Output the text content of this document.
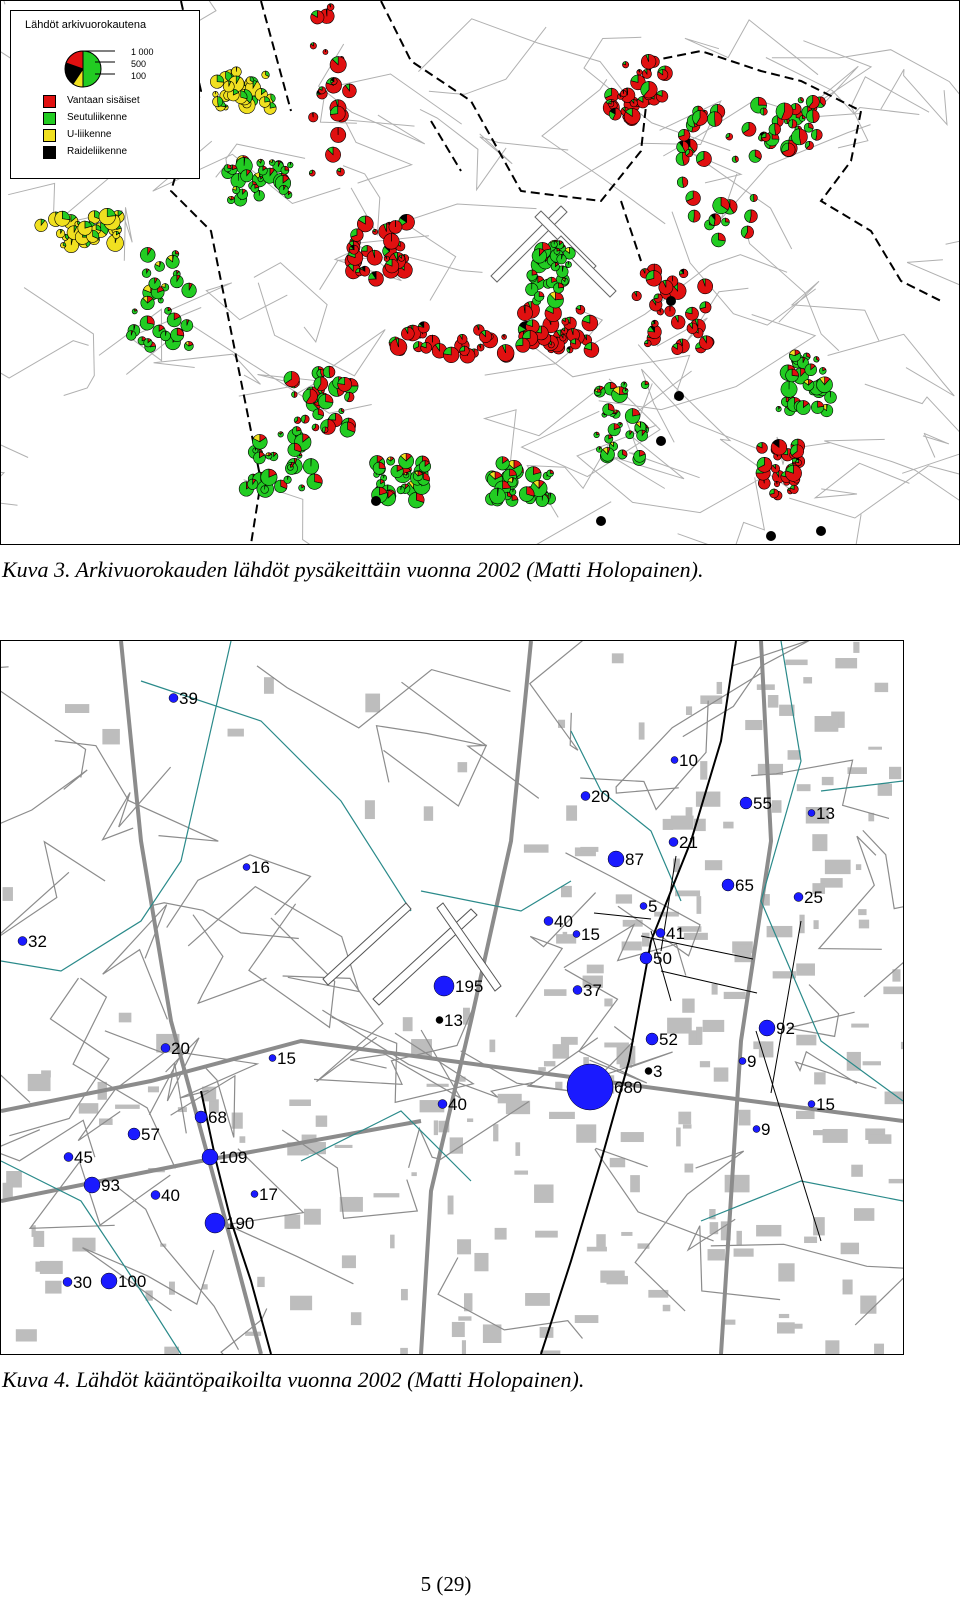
Lähdöt arkivuorokautena
1 000
500
100
Vantaan sisäiset
Seutuliikenne
U-liikenne
Raideliikenne
Kuva 3. Arkivuorokauden lähdöt pysäkeittäin vuonna 2002 (Matti Holopainen).
39
10
20	55
13
21
87
16
65
25
5
40
15	41
32
50
195	37
13	92
52
20
15	9
3
680
40	15
68
9
57
109
45
93
40	17
190
30 100
Kuva 4. Lähdöt kääntöpaikoilta vuonna 2002 (Matti Holopainen).
5 (29)
